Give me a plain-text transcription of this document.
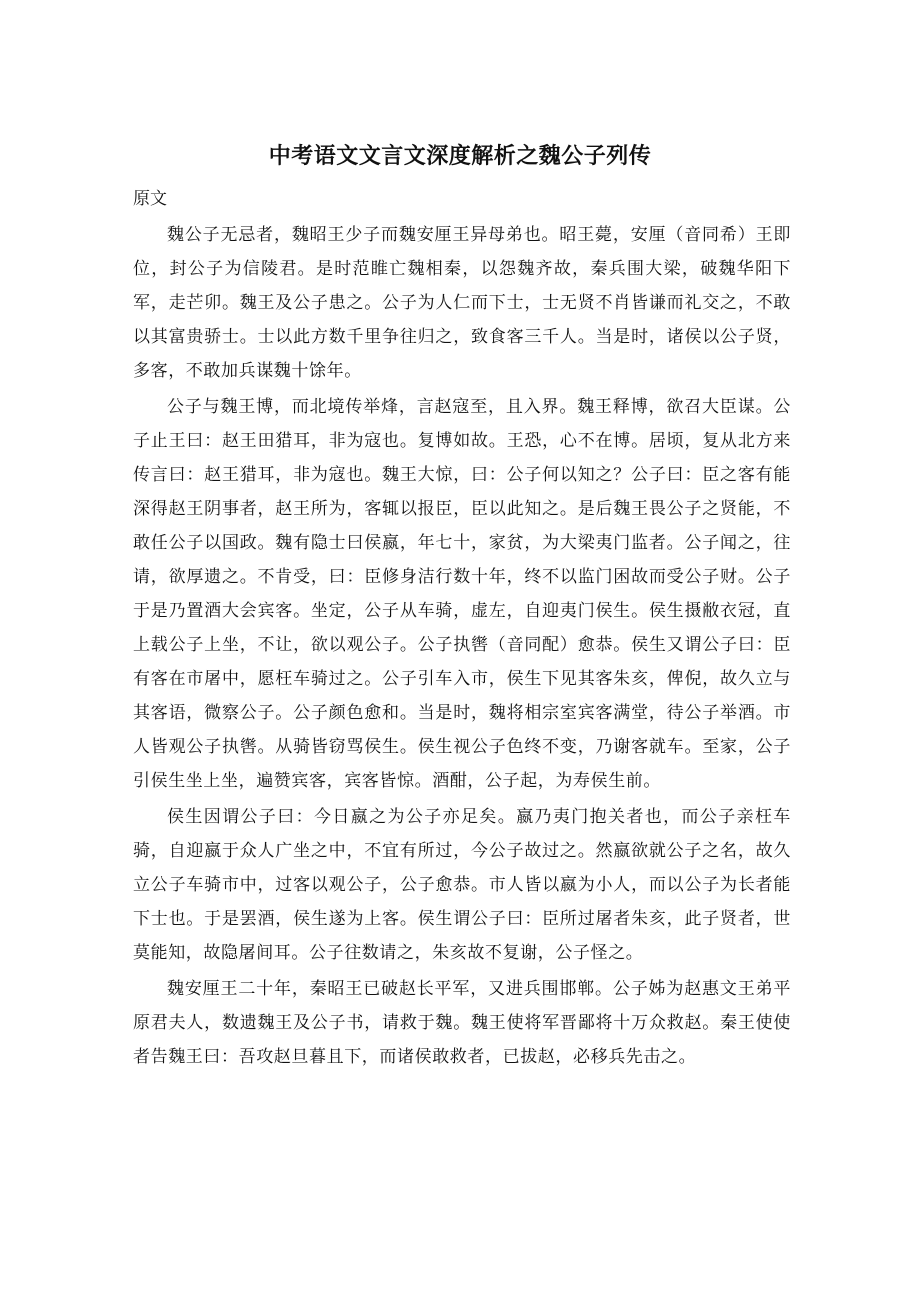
中考语文文言文深度解析之魏公子列传

原文

魏公子无忌者，魏昭王少子而魏安厘王异母弟也。昭王薨，安厘（音同希）王即位，封公子为信陵君。是时范睢亡魏相秦，以怨魏齐故，秦兵围大梁，破魏华阳下军，走芒卯。魏王及公子患之。公子为人仁而下士，士无贤不肖皆谦而礼交之，不敢以其富贵骄士。士以此方数千里争往归之，致食客三千人。当是时，诸侯以公子贤，多客，不敢加兵谋魏十馀年。

公子与魏王博，而北境传举烽，言赵寇至，且入界。魏王释博，欲召大臣谋。公子止王曰：赵王田猎耳，非为寇也。复博如故。王恐，心不在博。居顷，复从北方来传言曰：赵王猎耳，非为寇也。魏王大惊，曰：公子何以知之？公子曰：臣之客有能深得赵王阴事者，赵王所为，客辄以报臣，臣以此知之。是后魏王畏公子之贤能，不敢任公子以国政。魏有隐士曰侯嬴，年七十，家贫，为大梁夷门监者。公子闻之，往请，欲厚遗之。不肯受，曰：臣修身洁行数十年，终不以监门困故而受公子财。公子于是乃置酒大会宾客。坐定，公子从车骑，虚左，自迎夷门侯生。侯生摄敝衣冠，直上载公子上坐，不让，欲以观公子。公子执辔（音同配）愈恭。侯生又谓公子曰：臣有客在市屠中，愿枉车骑过之。公子引车入市，侯生下见其客朱亥，俾倪，故久立与其客语，微察公子。公子颜色愈和。当是时，魏将相宗室宾客满堂，待公子举酒。市人皆观公子执辔。从骑皆窃骂侯生。侯生视公子色终不变，乃谢客就车。至家，公子引侯生坐上坐，遍赞宾客，宾客皆惊。酒酣，公子起，为寿侯生前。

侯生因谓公子曰：今日嬴之为公子亦足矣。嬴乃夷门抱关者也，而公子亲枉车骑，自迎嬴于众人广坐之中，不宜有所过，今公子故过之。然嬴欲就公子之名，故久立公子车骑市中，过客以观公子，公子愈恭。市人皆以嬴为小人，而以公子为长者能下士也。于是罢酒，侯生遂为上客。侯生谓公子曰：臣所过屠者朱亥，此子贤者，世莫能知，故隐屠间耳。公子往数请之，朱亥故不复谢，公子怪之。

魏安厘王二十年，秦昭王已破赵长平军，又进兵围邯郸。公子姊为赵惠文王弟平原君夫人，数遗魏王及公子书，请救于魏。魏王使将军晋鄙将十万众救赵。秦王使使者告魏王曰：吾攻赵旦暮且下，而诸侯敢救者，已拔赵，必移兵先击之。
